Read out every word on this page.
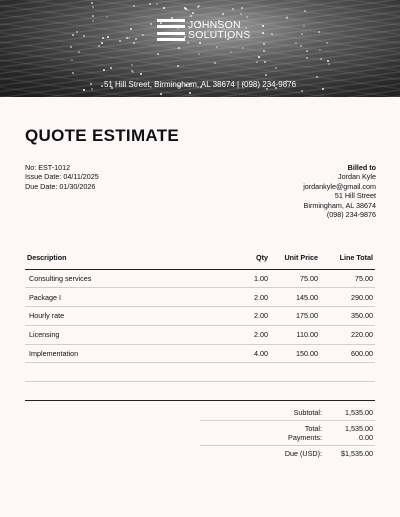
JOHNSON
SOLUTIONS
51 Hill Street, Birmingham, AL 38674 | (098) 234-9876
QUOTE ESTIMATE
No: EST-1012
Issue Date: 04/11/2025
Due Date: 01/30/2026
Billed to
Jordan Kyle
jordankyle@gmail.com
51 Hill Street
Birmingham, AL 38674
(098) 234-9876
Description	Qty	Unit Price	Line Total
Consulting services	1.00	75.00	75.00
Package I	2.00	145.00	290.00
Hourly rate	2.00	175.00	350.00
Licensing	2.00	110.00	220.00
Implementation	4.00	150.00	600.00
Subtotal:	1,535.00
Total:	1,535.00
Payments:	0.00
Due (USD):	$1,535.00
